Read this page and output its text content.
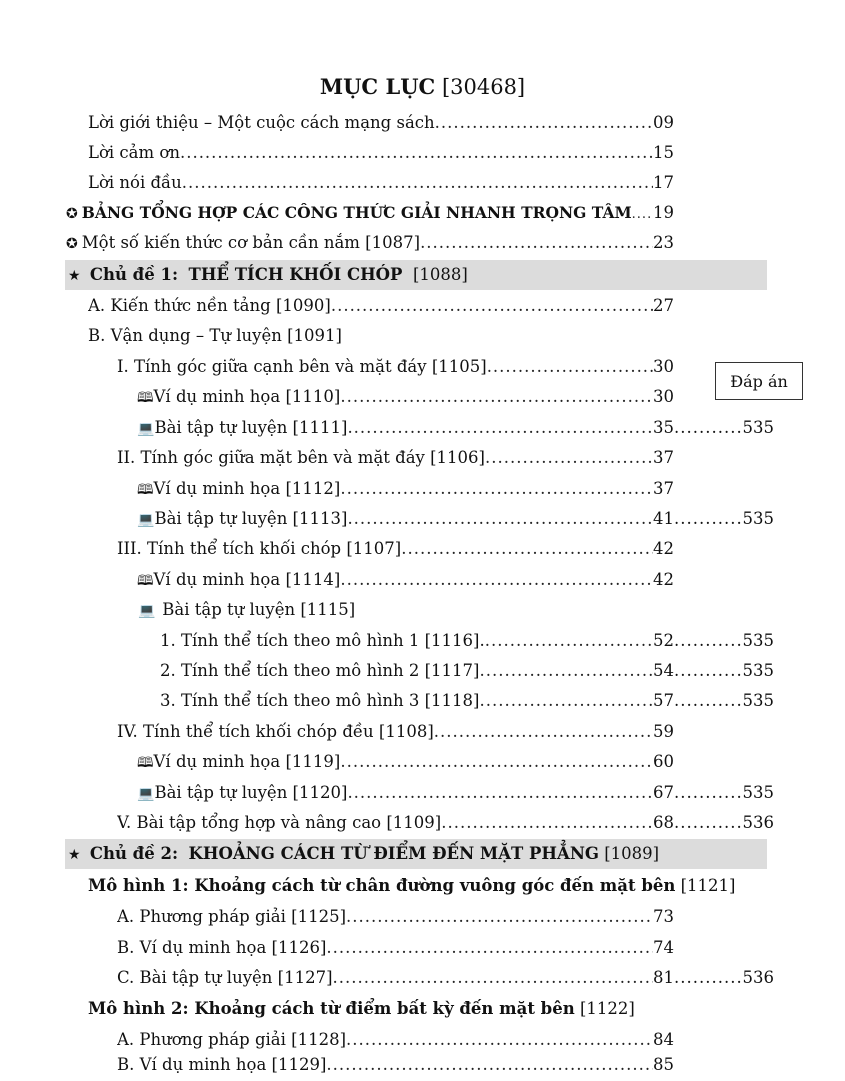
MỤC LỤC [30468]
Lời giới thiệu – Một cuộc cách mạng sách .....	09
Lời cảm ơn .....	15
Lời nói đầu .....	17
✪ BẢNG TỔNG HỢP CÁC CÔNG THỨC GIẢI NHANH TRỌNG TÂM ..... 19
✪ Một số kiến thức cơ bản cần nắm [1087] .....	23
★ Chủ đề 1: THỂ TÍCH KHỐI CHÓP [1088]
A. Kiến thức nền tảng [1090] .....	27
B. Vận dụng – Tự luyện [1091]
I. Tính góc giữa cạnh bên và mặt đáy [1105] .....	30
Đáp án
🕮 Ví dụ minh họa [1110] .....	30
💻 Bài tập tự luyện [1111] .....	35 .....	535
II. Tính góc giữa mặt bên và mặt đáy [1106] .....	37
🕮 Ví dụ minh họa [1112] .....	37
💻 Bài tập tự luyện [1113] .....	41 .....	535
III. Tính thể tích khối chóp [1107] .....	42
🕮 Ví dụ minh họa [1114] .....	42
💻 Bài tập tự luyện [1115]
1. Tính thể tích theo mô hình 1 [1116]. .....	52 .....	535
2. Tính thể tích theo mô hình 2 [1117] .....	54 .....	535
3. Tính thể tích theo mô hình 3 [1118] .....	57 .....	535
IV. Tính thể tích khối chóp đều [1108] .....	59
🕮 Ví dụ minh họa [1119] .....	60
💻 Bài tập tự luyện [1120] .....	67 .....	535
V. Bài tập tổng hợp và nâng cao [1109] .....	68 .....	536
★ Chủ đề 2: KHOẢNG CÁCH TỪ ĐIỂM ĐẾN MẶT PHẲNG [1089]
Mô hình 1: Khoảng cách từ chân đường vuông góc đến mặt bên [1121]
A. Phương pháp giải [1125] .....	73
B. Ví dụ minh họa [1126] .....	74
C. Bài tập tự luyện [1127] .....	81 .....	536
Mô hình 2: Khoảng cách từ điểm bất kỳ đến mặt bên [1122]
A. Phương pháp giải [1128] .....	84
B. Ví dụ minh họa [1129] .....	85
